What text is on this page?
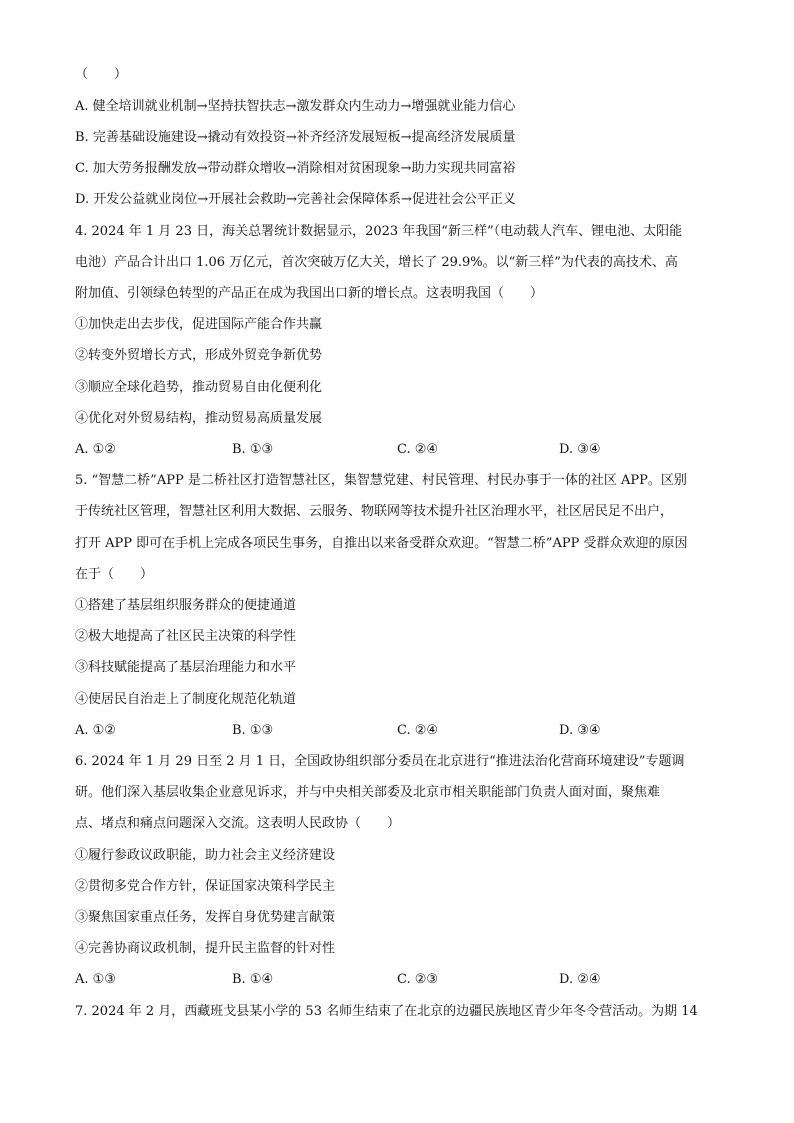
（　　）
A. 健全培训就业机制→坚持扶智扶志→激发群众内生动力→增强就业能力信心
B. 完善基础设施建设→撬动有效投资→补齐经济发展短板→提高经济发展质量
C. 加大劳务报酬发放→带动群众增收→消除相对贫困现象→助力实现共同富裕
D. 开发公益就业岗位→开展社会救助→完善社会保障体系→促进社会公平正义
4. 2024 年 1 月 23 日，海关总署统计数据显示，2023 年我国“新三样”（电动载人汽车、锂电池、太阳能
电池）产品合计出口 1.06 万亿元，首次突破万亿大关，增长了 29.9%。以“新三样”为代表的高技术、高
附加值、引领绿色转型的产品正在成为我国出口新的增长点。这表明我国（　　）
①加快走出去步伐，促进国际产能合作共赢
②转变外贸增长方式，形成外贸竞争新优势
③顺应全球化趋势，推动贸易自由化便利化
④优化对外贸易结构，推动贸易高质量发展
A. ①②	B. ①③	C. ②④	D. ③④
5. “智慧二桥”APP 是二桥社区打造智慧社区，集智慧党建、村民管理、村民办事于一体的社区 APP。区别
于传统社区管理，智慧社区利用大数据、云服务、物联网等技术提升社区治理水平，社区居民足不出户，
打开 APP 即可在手机上完成各项民生事务，自推出以来备受群众欢迎。“智慧二桥”APP 受群众欢迎的原因
在于（　　）
①搭建了基层组织服务群众的便捷通道
②极大地提高了社区民主决策的科学性
③科技赋能提高了基层治理能力和水平
④使居民自治走上了制度化规范化轨道
A. ①②	B. ①③	C. ②④	D. ③④
6. 2024 年 1 月 29 日至 2 月 1 日，全国政协组织部分委员在北京进行“推进法治化营商环境建设”专题调
研。他们深入基层收集企业意见诉求，并与中央相关部委及北京市相关职能部门负责人面对面，聚焦难
点、堵点和痛点问题深入交流。这表明人民政协（　　）
①履行参政议政职能，助力社会主义经济建设
②贯彻多党合作方针，保证国家决策科学民主
③聚焦国家重点任务，发挥自身优势建言献策
④完善协商议政机制，提升民主监督的针对性
A. ①③	B. ①④	C. ②③	D. ②④
7. 2024 年 2 月，西藏班戈县某小学的 53 名师生结束了在北京的边疆民族地区青少年冬令营活动。为期 14
